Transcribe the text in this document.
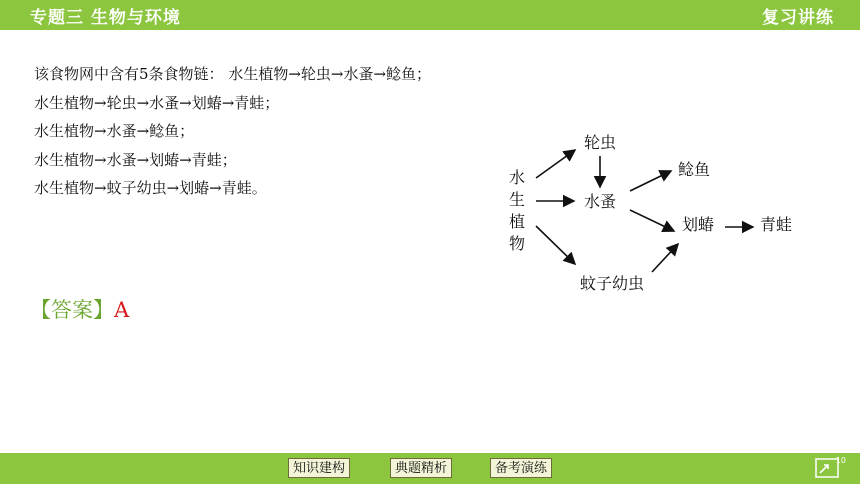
专题三 生物与环境	复习讲练
该食物网中含有5条食物链： 水生植物→轮虫→水蚤→鲶鱼；
水生植物→轮虫→水蚤→划蝽→青蛙；
水生植物→水蚤→鲶鱼；
水生植物→水蚤→划蝽→青蛙；
水生植物→蚊子幼虫→划蝽→青蛙。
水
生
植
物
轮虫
水蚤
鲶鱼
划蝽	青蛙
蚊子幼虫
【答案】A
知识建构	典题精析	备考演练
10
